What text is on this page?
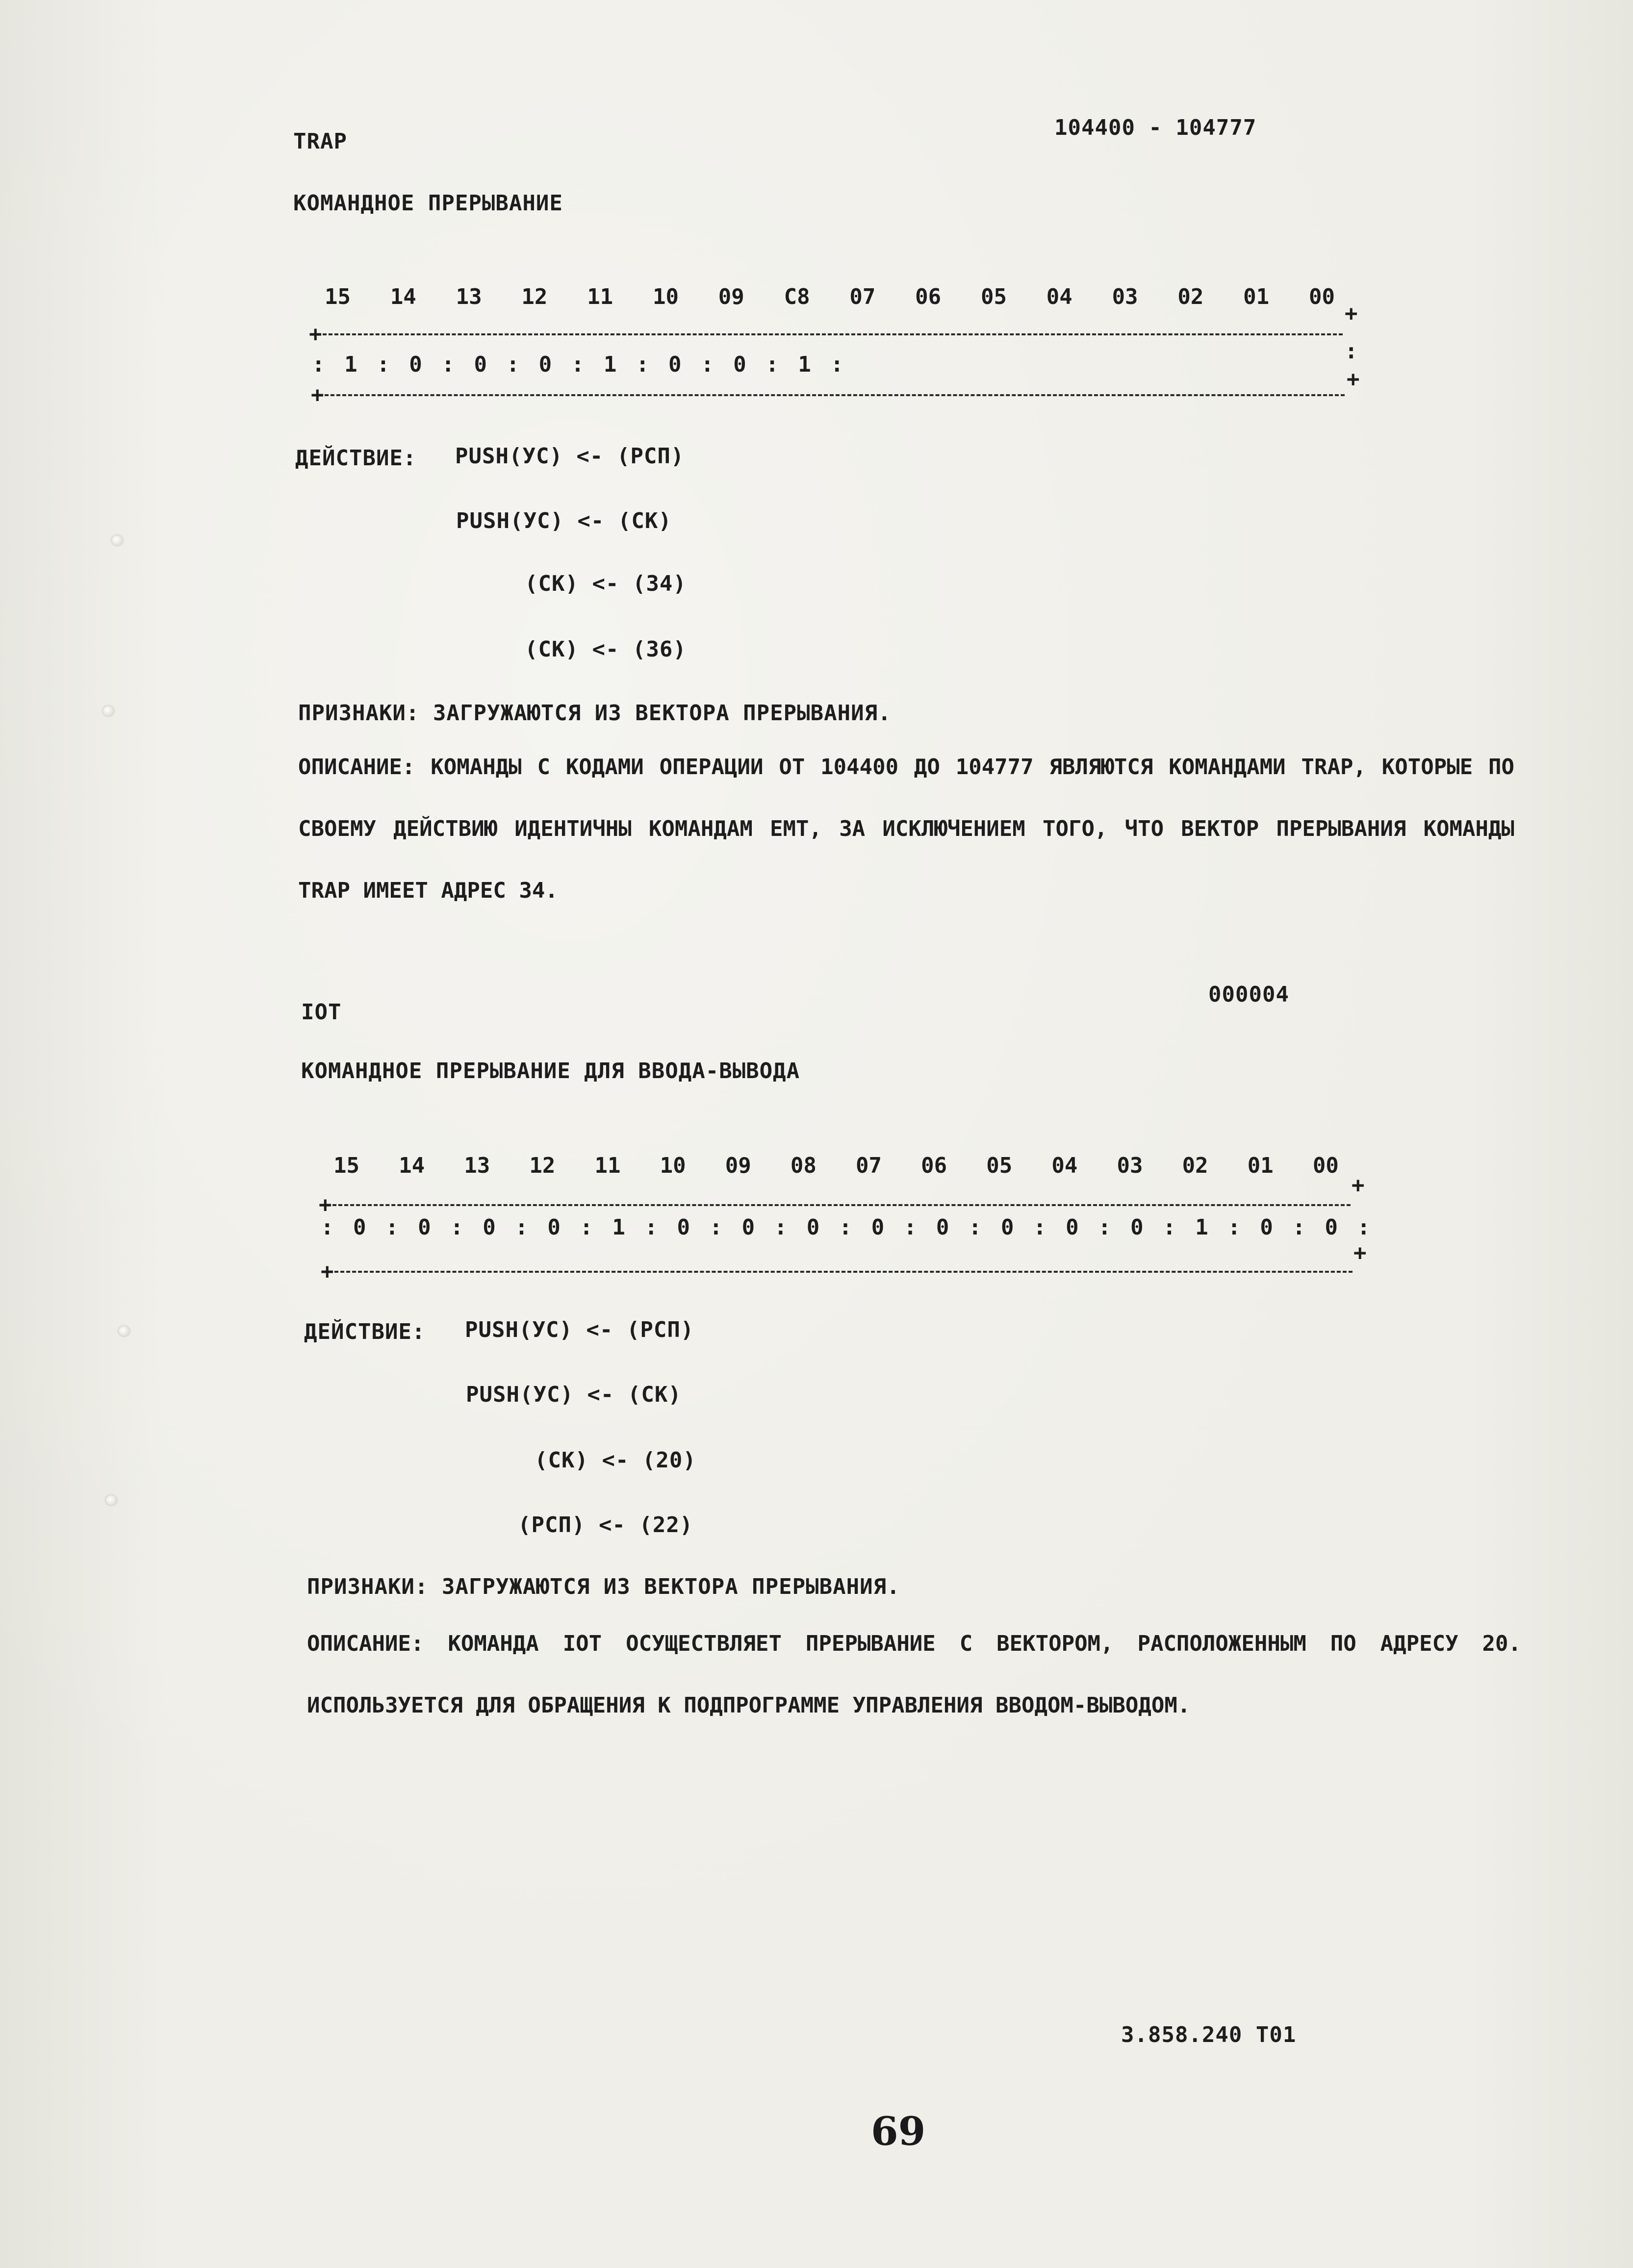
TRAP
104400 - 104777
КОМАНДНОЕ ПРЕРЫВАНИЕ
15 14 13 12 11 10 09 C8 07 06 05 04 03 02 01 00
+
+
: 1 : 0 : 0 : 0 : 1 : 0 : 0 : 1 :
:
+
+
ДЕЙСТВИЕ: PUSH(УС) <- (РСП)
PUSH(УС) <- (СК)
(СК) <- (34)
(СК) <- (36)
ПРИЗНАКИ: ЗАГРУЖАЮТСЯ ИЗ ВЕКТОРА ПРЕРЫВАНИЯ.
ОПИСАНИЕ: КОМАНДЫ С КОДАМИ ОПЕРАЦИИ ОТ 104400 ДО 104777 ЯВЛЯЮТСЯ КОМАНДАМИ TRAP, КОТОРЫЕ ПО СВОЕМУ ДЕЙСТВИЮ ИДЕНТИЧНЫ КОМАНДАМ ЕМТ, ЗА ИСКЛЮЧЕНИЕМ ТОГО, ЧТО ВЕКТОР ПРЕРЫВАНИЯ КОМАНДЫ TRAP ИМЕЕТ АДРЕС 34.
000004
IOT
КОМАНДНОЕ ПРЕРЫВАНИЕ ДЛЯ ВВОДА-ВЫВОДА
15 14 13 12 11 10 09 08 07 06 05 04 03 02 01 00
+
+
: 0 : 0 : 0 : 0 : 1 : 0 : 0 : 0 : 0 : 0 : 0 : 0 : 0 : 1 : 0 : 0 :
+
+
ДЕЙСТВИЕ: PUSH(УС) <- (РСП)
PUSH(УС) <- (СК)
(СК) <- (20)
(РСП) <- (22)
ПРИЗНАКИ: ЗАГРУЖАЮТСЯ ИЗ ВЕКТОРА ПРЕРЫВАНИЯ.
ОПИСАНИЕ: КОМАНДА IOT ОСУЩЕСТВЛЯЕТ ПРЕРЫВАНИЕ С ВЕКТОРОМ, РАСПОЛОЖЕННЫМ ПО АДРЕСУ 20. ИСПОЛЬЗУЕТСЯ ДЛЯ ОБРАЩЕНИЯ К ПОДПРОГРАММЕ УПРАВЛЕНИЯ ВВОДОМ-ВЫВОДОМ.
3.858.240 Т01
69
